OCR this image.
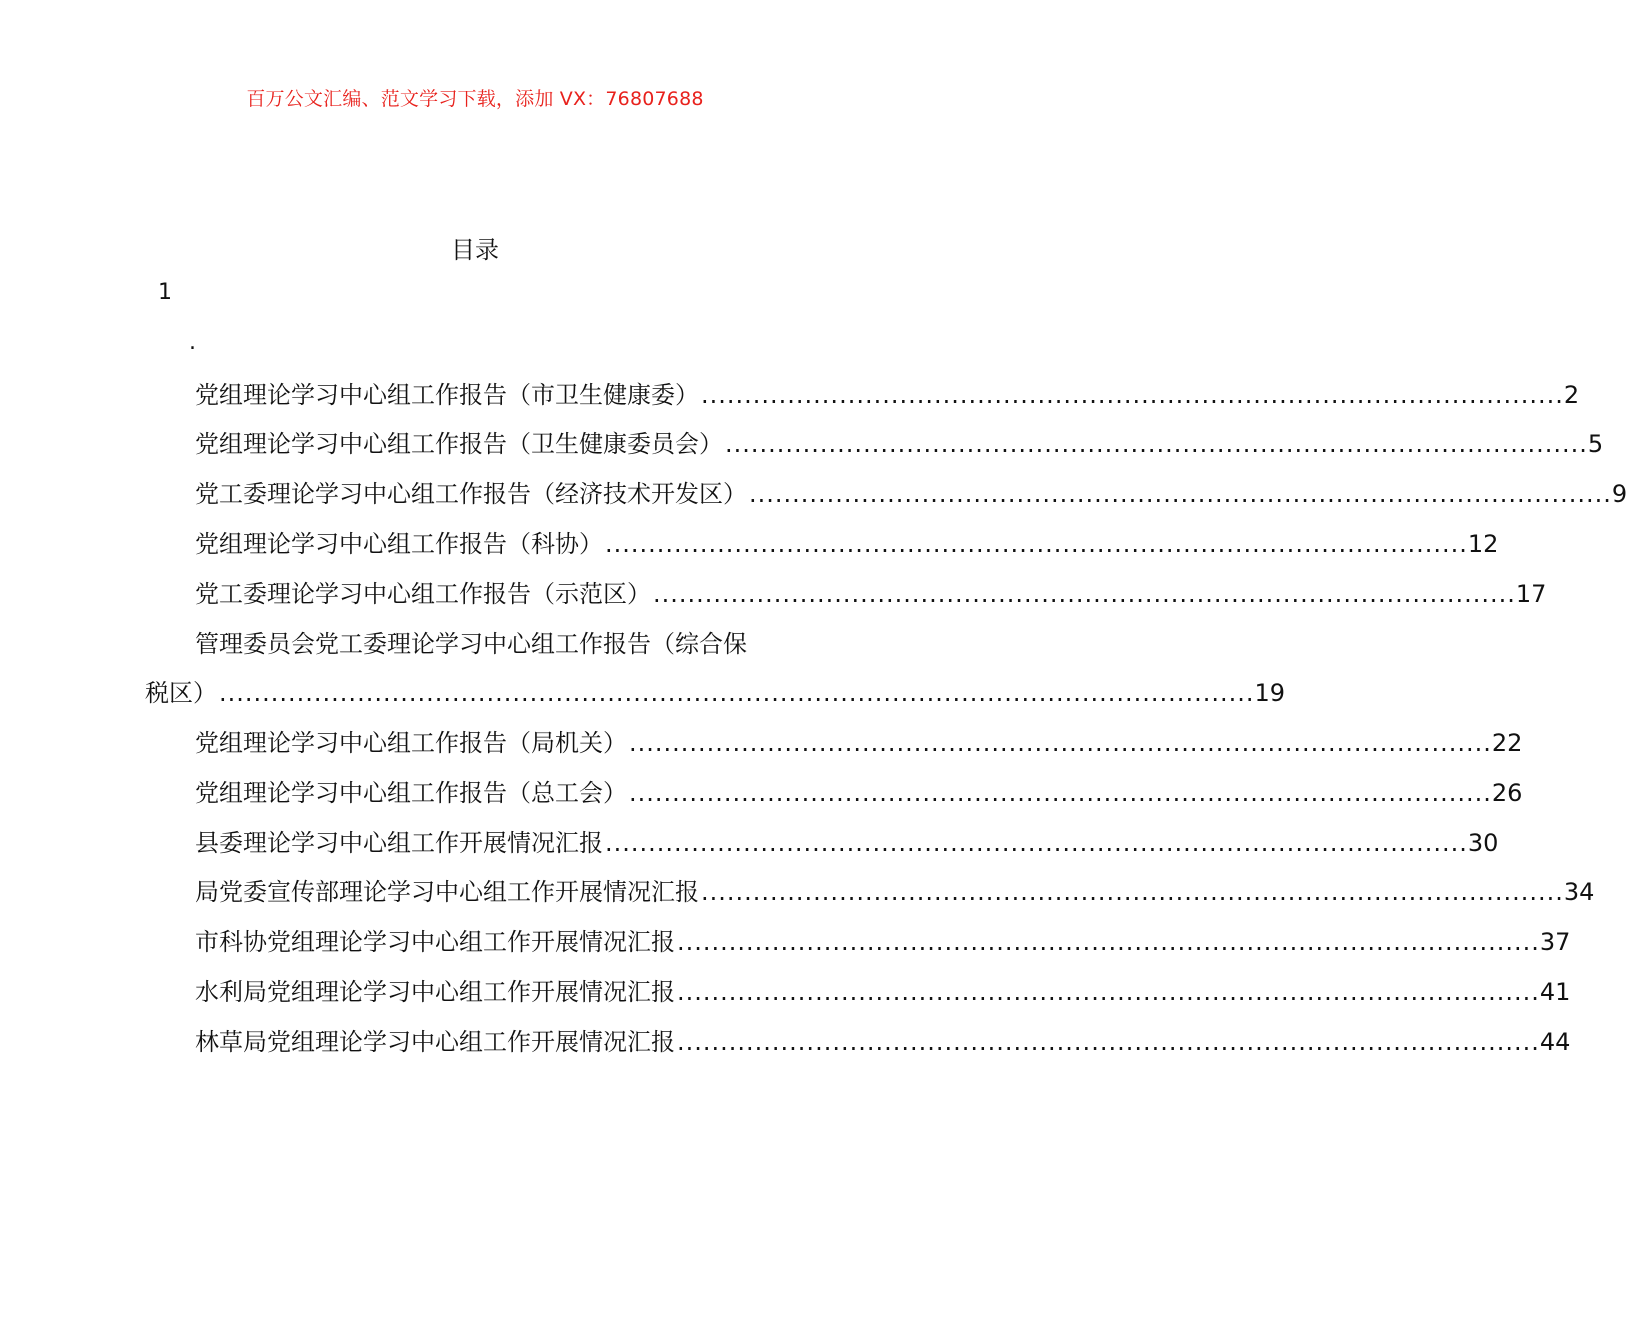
百万公文汇编、范文学习下载，添加 VX：76807688
目录
1
.
党组理论学习中心组工作报告（市卫生健康委） .................................................................................................... 2
党组理论学习中心组工作报告（卫生健康委员会） .................................................................................................... 5
党工委理论学习中心组工作报告（经济技术开发区） .................................................................................................... 9
党组理论学习中心组工作报告（科协） .................................................................................................... 12
党工委理论学习中心组工作报告（示范区） .................................................................................................... 17
管理委员会党工委理论学习中心组工作报告（综合保
税区） ........................................................................................................................ 19
党组理论学习中心组工作报告（局机关） .................................................................................................... 22
党组理论学习中心组工作报告（总工会） .................................................................................................... 26
县委理论学习中心组工作开展情况汇报 .................................................................................................... 30
局党委宣传部理论学习中心组工作开展情况汇报 .................................................................................................... 34
市科协党组理论学习中心组工作开展情况汇报 .................................................................................................... 37
水利局党组理论学习中心组工作开展情况汇报 .................................................................................................... 41
林草局党组理论学习中心组工作开展情况汇报 .................................................................................................... 44
